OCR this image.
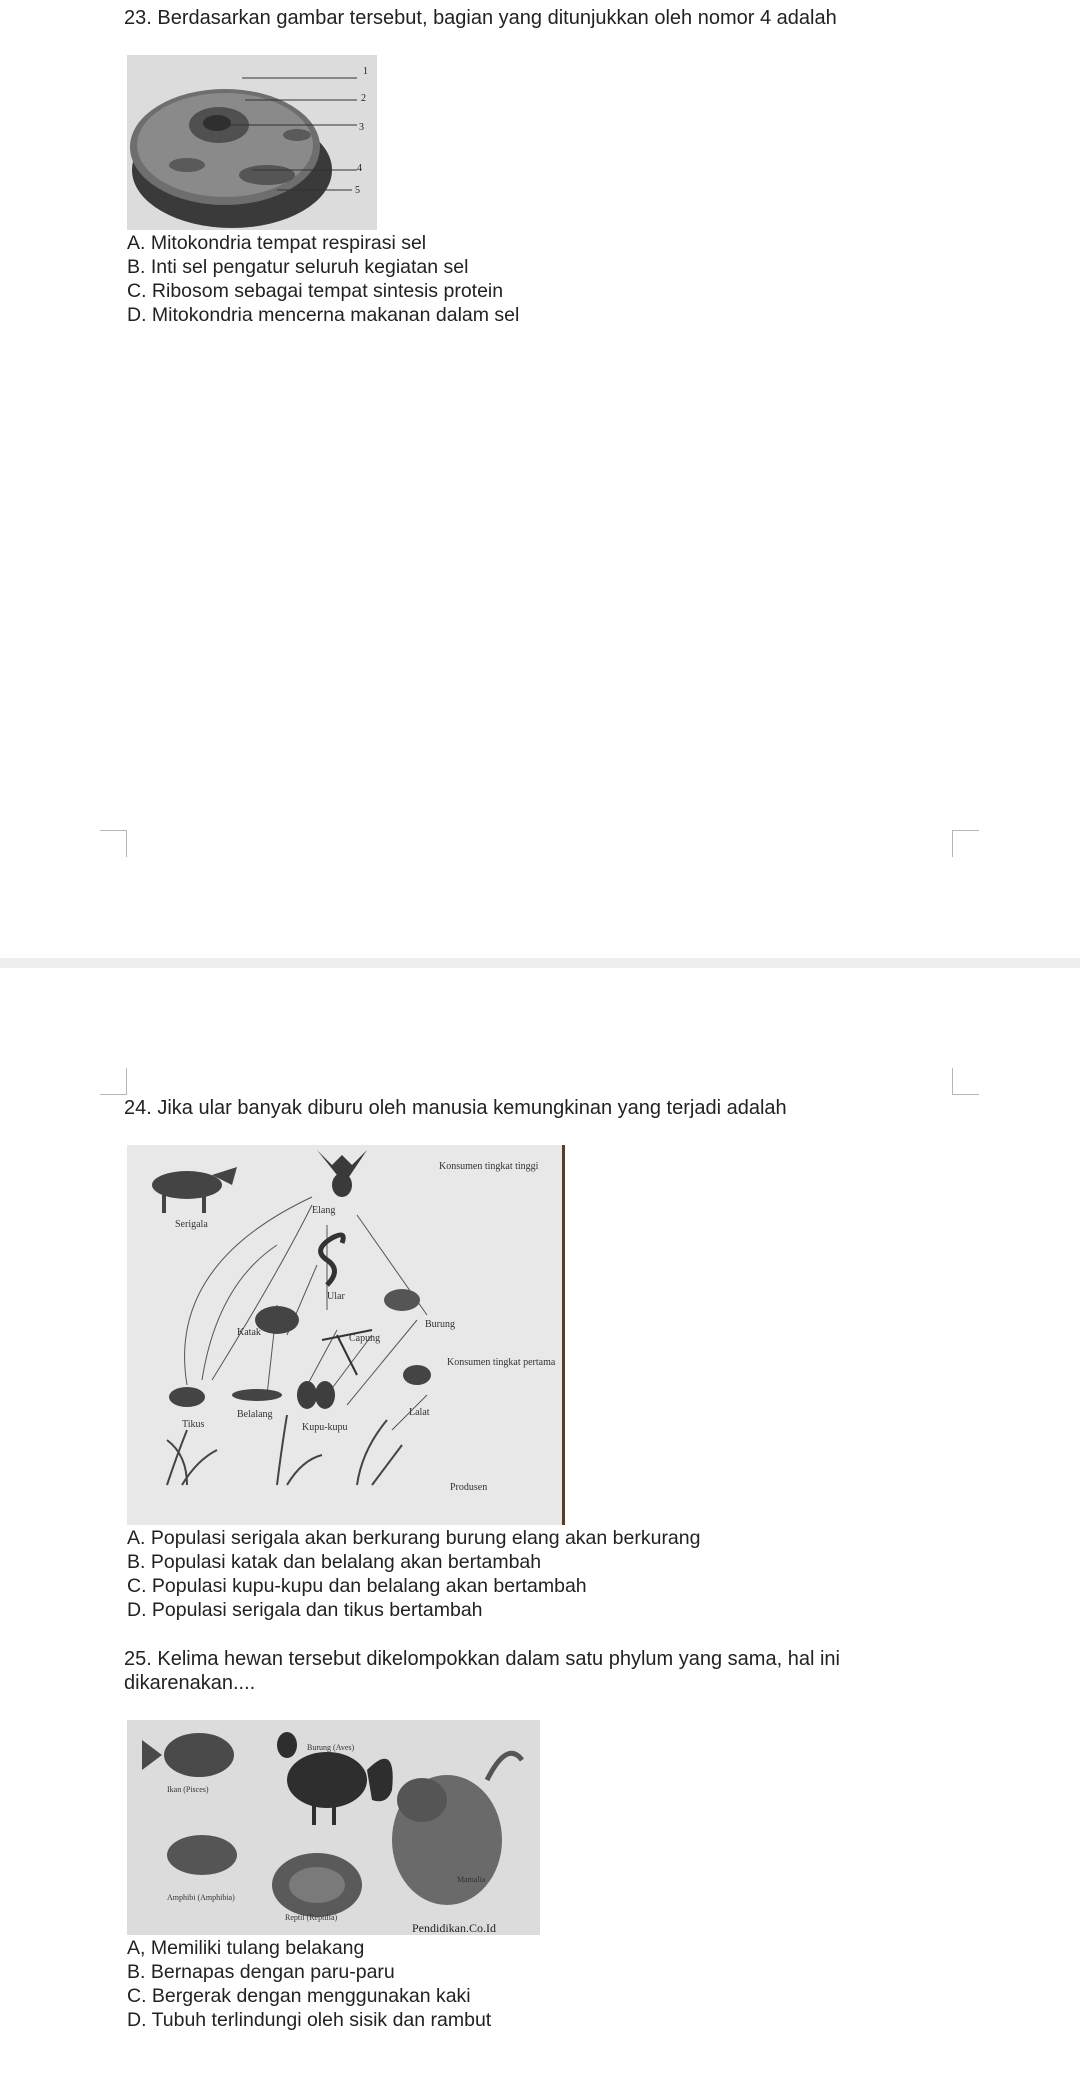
23. Berdasarkan gambar tersebut, bagian yang ditunjukkan oleh nomor 4 adalah
1
2
3
4
5
A. Mitokondria tempat respirasi sel
B. Inti sel pengatur seluruh kegiatan sel
C. Ribosom sebagai tempat sintesis protein
D. Mitokondria mencerna makanan dalam sel
24. Jika ular banyak diburu oleh manusia kemungkinan yang terjadi adalah
Konsumen tingkat tinggi
Serigala
Elang
Ular
Katak
Capung
Burung
Konsumen tingkat pertama
Tikus
Belalang
Kupu-kupu
Lalat
Produsen
A. Populasi serigala akan berkurang burung elang akan berkurang
B. Populasi katak dan belalang akan bertambah
C. Populasi kupu-kupu dan belalang akan bertambah
D. Populasi serigala dan tikus bertambah
25. Kelima hewan tersebut dikelompokkan dalam satu phylum yang sama, hal ini
dikarenakan....
Burung (Aves)
Ikan (Pisces)
Amphibi (Amphibia)
Reptil (Reptilia)
Mamalia
Pendidikan.Co.Id
A, Memiliki tulang belakang
B. Bernapas dengan paru-paru
C. Bergerak dengan menggunakan kaki
D. Tubuh terlindungi oleh sisik dan rambut
